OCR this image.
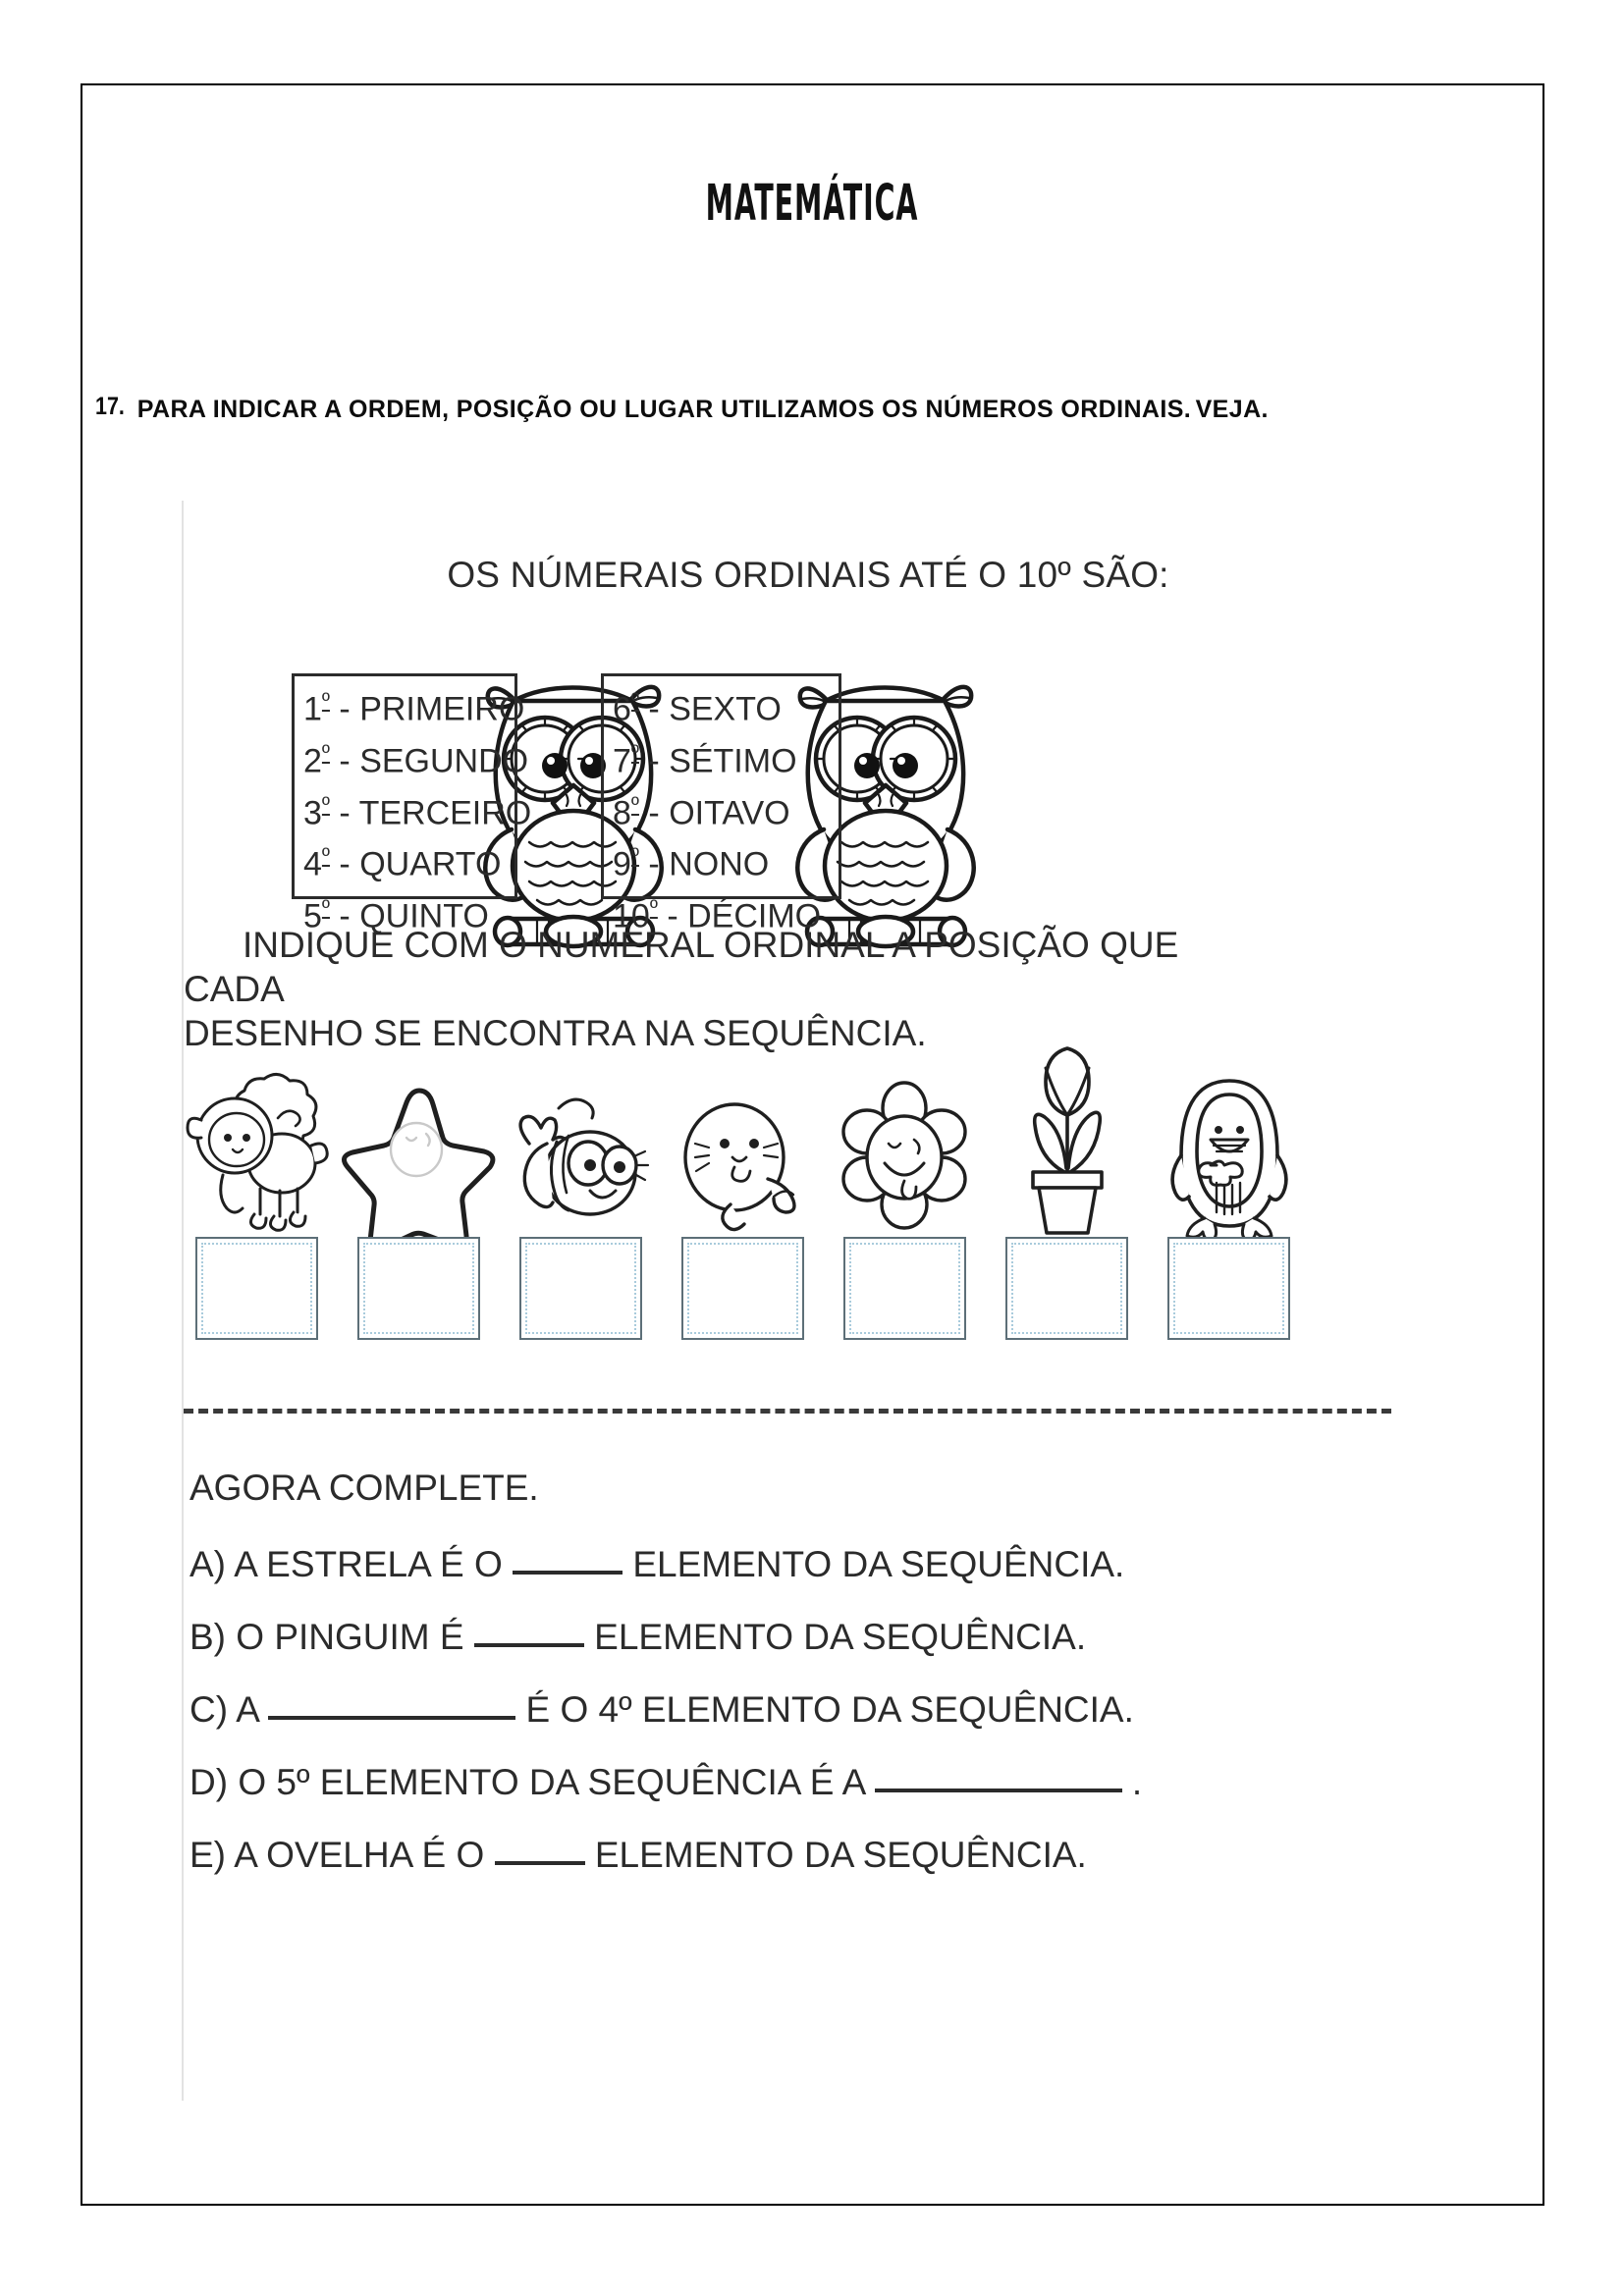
MATEMÁTICA
17. PARA INDICAR A ORDEM, POSIÇÃO OU LUGAR UTILIZAMOS OS NÚMEROS ORDINAIS. VEJA.
OS NÚMERAIS ORDINAIS ATÉ O 10º SÃO:
$1^º$ - PRIMEIRO
$2^º$ - SEGUNDO
$3^º$ - TERCEIRO
$4^º$ - QUARTO
$5^º$ - QUINTO
$6^º$ - SEXTO
$7^º$ - SÉTIMO
$8^º$ - OITAVO
$9^º$ - NONO
$10^º$ - DÉCIMO
INDIQUE COM O NUMERAL ORDINAL A POSIÇÃO QUE CADA
DESENHO SE ENCONTRA NA SEQUÊNCIA.
AGORA COMPLETE.
A) A ESTRELA É O	ELEMENTO DA SEQUÊNCIA.
B) O PINGUIM É	ELEMENTO DA SEQUÊNCIA.
C) A	É O 4º ELEMENTO DA SEQUÊNCIA.
D) O 5º ELEMENTO DA SEQUÊNCIA É A	.
E) A OVELHA É O	ELEMENTO DA SEQUÊNCIA.
